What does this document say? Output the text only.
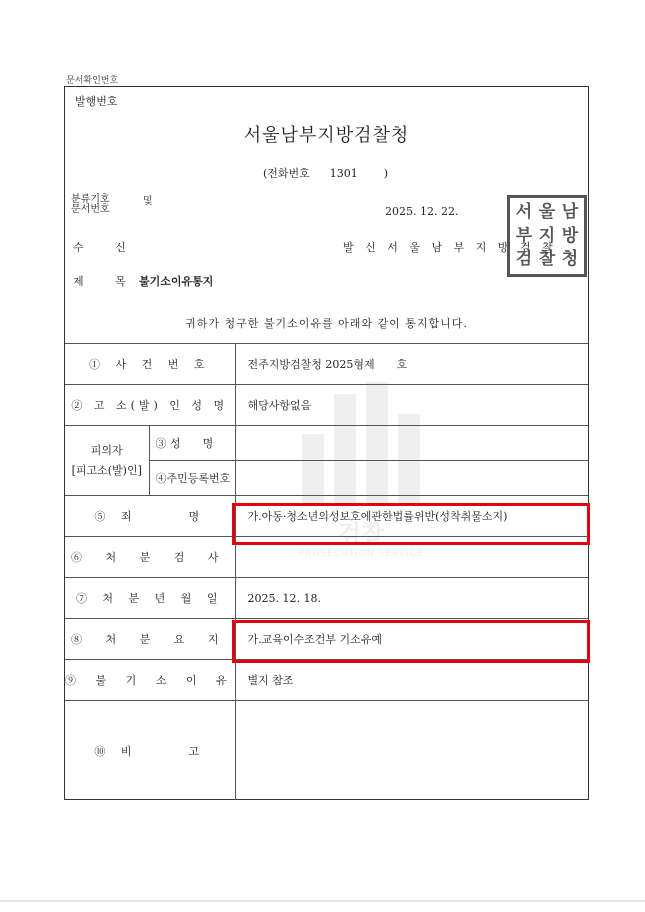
문서확인번호
발행번호
서울남부지방검찰청
(전화번호 1301 )
분류기호
문서번호
및
2025. 12. 22.
수 신	발 신 서 울 남 부 지 방 검 찰
제 목 불기소이유통지
서 울 남
부 지 방
검 찰 청
귀하가 청구한 불기소이유를 아래와 같이 통지합니다.
검찰
PROSECUTION SERVICE
① 사 건 번 호		전주지방검찰청 2025형제　　호
② 고 소(발) 인 성 명		해당사항없음

피의자
[피고소(발)인]	③ 성　　명	
	④주민등록번호	
⑤ 죄　　　명		가.아동·청소년의성보호에관한법률위반(성착취물소지)
⑥ 처 분 검 사		
⑦ 처 분 년 월 일		2025. 12. 18.
⑧ 처 분 요 지		가.교육이수조건부 기소유예
⑨ 불 기 소 이 유		별지 참조
⑩ 비　　　고		
